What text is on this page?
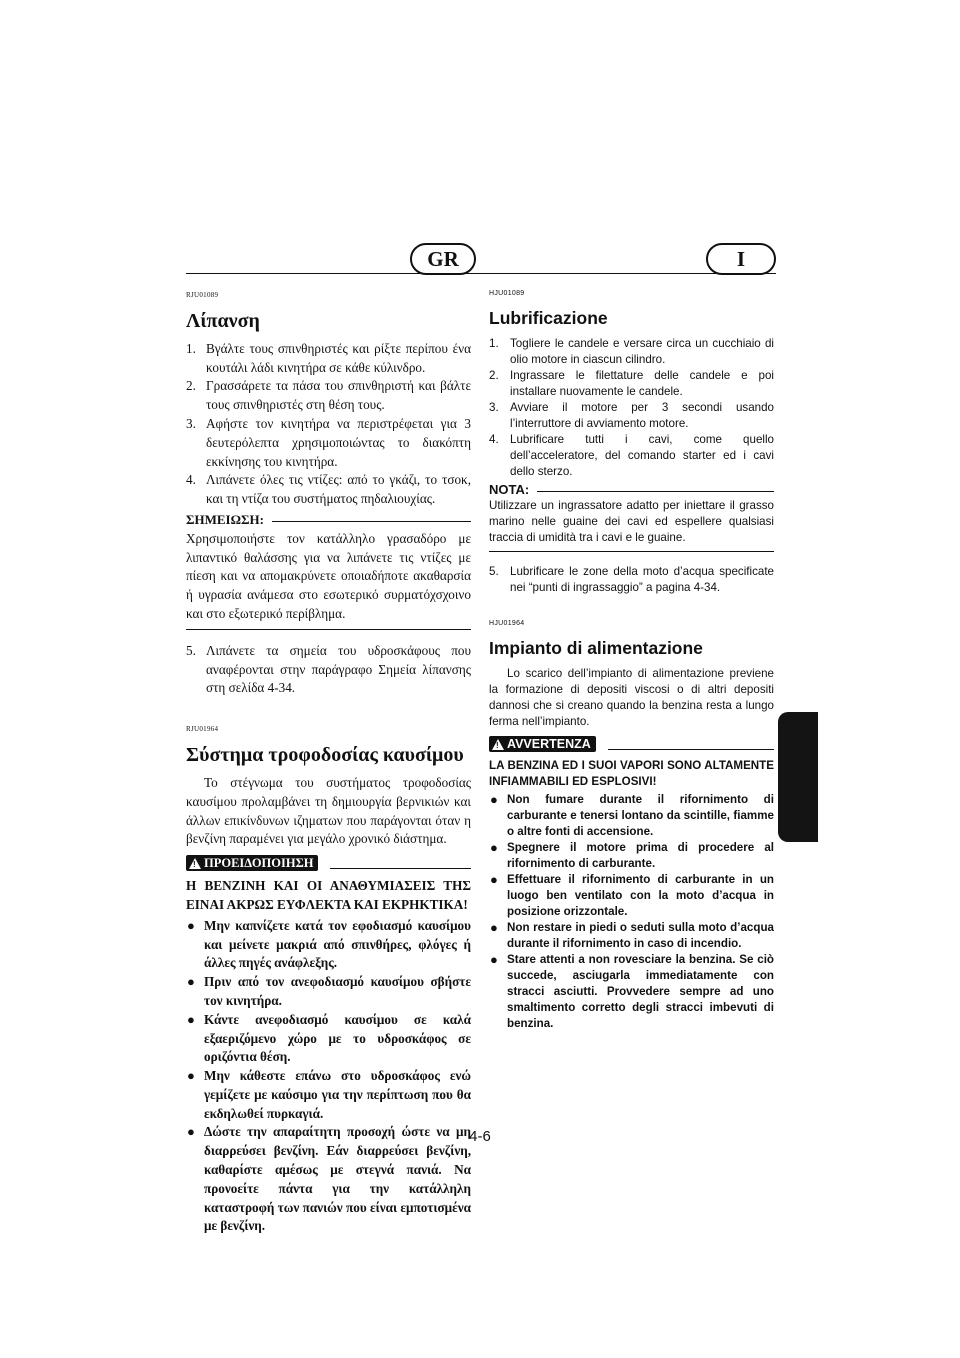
GR	I
RJU01089
Λίπανση
1. Βγάλτε τους σπινθηριστές και ρίξτε περίπου ένα κουτάλι λάδι κινητήρα σε κάθε κύλινδρο.
2. Γρασσάρετε τα πάσα του σπινθηριστή και βάλτε τους σπινθηριστές στη θέση τους.
3. Αφήστε τον κινητήρα να περιστρέφεται για 3 δευτερόλεπτα χρησιμοποιώντας το διακόπτη εκκίνησης του κινητήρα.
4. Λιπάνετε όλες τις ντίζες: από το γκάζι, το τσοκ, και τη ντίζα του συστήματος πηδαλιουχίας.
ΣΗΜΕΙΩΣΗ:
Χρησιμοποιήστε τον κατάλληλο γρασαδόρο με λιπαντικό θαλάσσης για να λιπάνετε τις ντίζες με πίεση και να απομακρύνετε οποιαδήποτε ακαθαρσία ή υγρασία ανάμεσα στο εσωτερικό συρματόχσχοινο και στο εξωτερικό περίβλημα.
5. Λιπάνετε τα σημεία του υδροσκάφους που αναφέρονται στην παράγραφο Σημεία λίπανσης στη σελίδα 4-34.
RJU01964
Σύστημα τροφοδοσίας καυσίμου

Το στέγνωμα του συστήματος τροφοδοσίας καυσίμου προλαμβάνει τη δημιουργία βερνικιών και άλλων επικίνδυνων ιζηματων που παράγονται όταν η βενζίνη παραμένει για μεγάλο χρονικό διάστημα.

! ΠΡΟΕΙΔΟΠΟΙΗΣΗ
Η ΒΕΝΖΙΝΗ ΚΑΙ ΟΙ ΑΝΑΘΥΜΙΑΣΕΙΣ ΤΗΣ ΕΙΝΑΙ ΑΚΡΩΣ ΕΥΦΛΕΚΤΑ ΚΑΙ ΕΚΡΗΚΤΙΚΑ!
● Μην καπνίζετε κατά τον εφοδιασμό καυσίμου και μείνετε μακριά από σπινθήρες, φλόγες ή άλλες πηγές ανάφλεξης.
● Πριν από τον ανεφοδιασμό καυσίμου σβήστε τον κινητήρα.
● Κάντε ανεφοδιασμό καυσίμου σε καλά εξαεριζόμενο χώρο με το υδροσκάφος σε οριζόντια θέση.
● Μην κάθεστε επάνω στο υδροσκάφος ενώ γεμίζετε με καύσιμο για την περίπτωση που θα εκδηλωθεί πυρκαγιά.
● Δώστε την απαραίτητη προσοχή ώστε να μη διαρρεύσει βενζίνη. Εάν διαρρεύσει βενζίνη, καθαρίστε αμέσως με στεγνά πανιά. Να προνοείτε πάντα για την κατάλληλη καταστροφή των πανιών που είναι εμποτισμένα με βενζίνη.
HJU01089
Lubrificazione
1. Togliere le candele e versare circa un cucchiaio di olio motore in ciascun cilindro.
2. Ingrassare le filettature delle candele e poi installare nuovamente le candele.
3. Avviare il motore per 3 secondi usando l’interruttore di avviamento motore.
4. Lubrificare tutti i cavi, come quello dell’acceleratore, del comando starter ed i cavi dello sterzo.
NOTA:
Utilizzare un ingrassatore adatto per iniettare il grasso marino nelle guaine dei cavi ed espellere qualsiasi traccia di umidità tra i cavi e le guaine.
5. Lubrificare le zone della moto d’acqua specificate nei “punti di ingrassaggio” a pagina 4-34.
HJU01964
Impianto di alimentazione

Lo scarico dell’impianto di alimentazione previene la formazione di depositi viscosi o di altri depositi dannosi che si creano quando la benzina resta a lungo ferma nell’impianto.

! AVVERTENZA
LA BENZINA ED I SUOI VAPORI SONO ALTAMENTE INFIAMMABILI ED ESPLOSIVI!
● Non fumare durante il rifornimento di carburante e tenersi lontano da scintille, fiamme o altre fonti di accensione.
● Spegnere il motore prima di procedere al rifornimento di carburante.
● Effettuare il rifornimento di carburante in un luogo ben ventilato con la moto d’acqua in posizione orizzontale.
● Non restare in piedi o seduti sulla moto d’acqua durante il rifornimento in caso di incendio.
● Stare attenti a non rovesciare la benzina. Se ciò succede, asciugarla immediatamente con stracci asciutti. Provvedere sempre ad uno smaltimento corretto degli stracci imbevuti di benzina.
4-6
